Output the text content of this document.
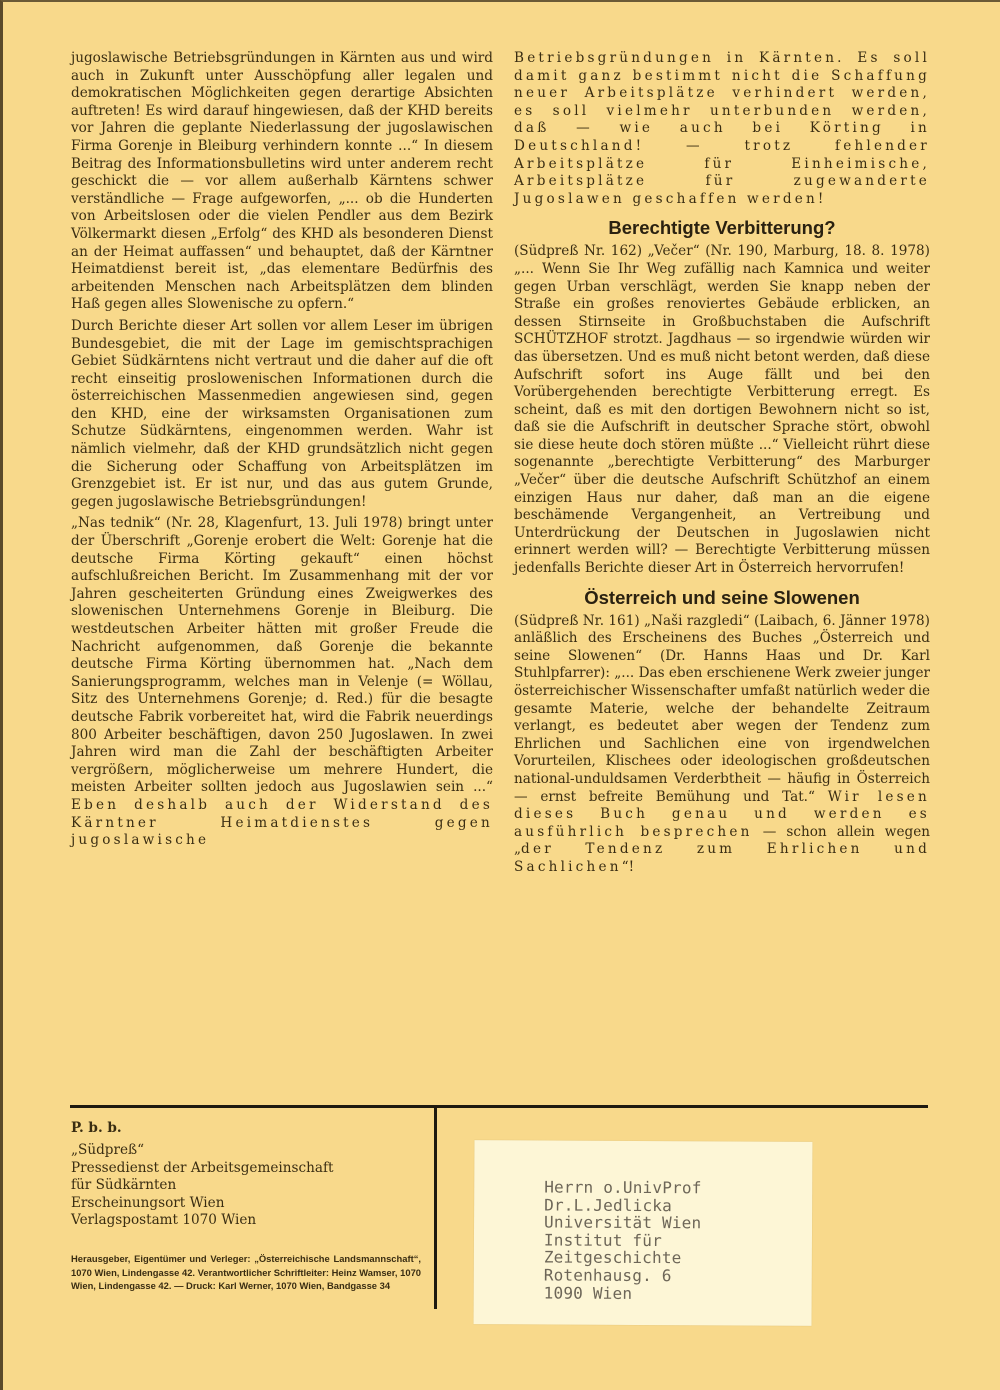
jugoslawische Betriebsgründungen in Kärnten aus und wird auch in Zukunft unter Ausschöpfung aller legalen und demokratischen Möglichkeiten gegen derartige Absichten auftreten! Es wird darauf hingewiesen, daß der KHD bereits vor Jahren die geplante Niederlassung der jugoslawischen Firma Gorenje in Bleiburg verhindern konnte ...“ In diesem Beitrag des Informationsbulletins wird unter anderem recht geschickt die — vor allem außerhalb Kärntens schwer verständliche — Frage aufgeworfen, „... ob die Hunderten von Arbeitslosen oder die vielen Pendler aus dem Bezirk Völkermarkt diesen „Erfolg“ des KHD als besonderen Dienst an der Heimat auffassen“ und behauptet, daß der Kärntner Heimatdienst bereit ist, „das elementare Bedürfnis des arbeitenden Menschen nach Arbeitsplätzen dem blinden Haß gegen alles Slowenische zu opfern.“

Durch Berichte dieser Art sollen vor allem Leser im übrigen Bundesgebiet, die mit der Lage im gemischtsprachigen Gebiet Südkärntens nicht vertraut und die daher auf die oft recht einseitig proslowenischen Informationen durch die österreichischen Massenmedien angewiesen sind, gegen den KHD, eine der wirksamsten Organisationen zum Schutze Südkärntens, eingenommen werden. Wahr ist nämlich vielmehr, daß der KHD grundsätzlich nicht gegen die Sicherung oder Schaffung von Arbeitsplätzen im Grenzgebiet ist. Er ist nur, und das aus gutem Grunde, gegen jugoslawische Betriebsgründungen!

„Nas tednik“ (Nr. 28, Klagenfurt, 13. Juli 1978) bringt unter der Überschrift „Gorenje erobert die Welt: Gorenje hat die deutsche Firma Körting gekauft“ einen höchst aufschlußreichen Bericht. Im Zusammenhang mit der vor Jahren gescheiterten Gründung eines Zweigwerkes des slowenischen Unternehmens Gorenje in Bleiburg. Die westdeutschen Arbeiter hätten mit großer Freude die Nachricht aufgenommen, daß Gorenje die bekannte deutsche Firma Körting übernommen hat. „Nach dem Sanierungsprogramm, welches man in Velenje (= Wöllau, Sitz des Unternehmens Gorenje; d. Red.) für die besagte deutsche Fabrik vorbereitet hat, wird die Fabrik neuerdings 800 Arbeiter beschäftigen, davon 250 Jugoslawen. In zwei Jahren wird man die Zahl der beschäftigten Arbeiter vergrößern, möglicherweise um mehrere Hundert, die meisten Arbeiter sollten jedoch aus Jugoslawien sein ...“ Eben deshalb auch der Widerstand des Kärntner Heimatdienstes gegen jugoslawische

Betriebsgründungen in Kärnten. Es soll damit ganz bestimmt nicht die Schaffung neuer Arbeitsplätze verhindert werden, es soll vielmehr unterbunden werden, daß — wie auch bei Körting in Deutschland! — trotz fehlender Arbeitsplätze für Einheimische, Arbeitsplätze für zugewanderte Jugoslawen geschaffen werden!

Berechtigte Verbitterung?

(Südpreß Nr. 162) „Večer“ (Nr. 190, Marburg, 18. 8. 1978) „... Wenn Sie Ihr Weg zufällig nach Kamnica und weiter gegen Urban verschlägt, werden Sie knapp neben der Straße ein großes renoviertes Gebäude erblicken, an dessen Stirnseite in Großbuchstaben die Aufschrift SCHÜTZHOF strotzt. Jagdhaus — so irgendwie würden wir das übersetzen. Und es muß nicht betont werden, daß diese Aufschrift sofort ins Auge fällt und bei den Vorübergehenden berechtigte Verbitterung erregt. Es scheint, daß es mit den dortigen Bewohnern nicht so ist, daß sie die Aufschrift in deutscher Sprache stört, obwohl sie diese heute doch stören müßte ...“ Vielleicht rührt diese sogenannte „berechtigte Verbitterung“ des Marburger „Večer“ über die deutsche Aufschrift Schützhof an einem einzigen Haus nur daher, daß man an die eigene beschämende Vergangenheit, an Vertreibung und Unterdrückung der Deutschen in Jugoslawien nicht erinnert werden will? — Berechtigte Verbitterung müssen jedenfalls Berichte dieser Art in Österreich hervorrufen!

Österreich und seine Slowenen

(Südpreß Nr. 161) „Naši razgledi“ (Laibach, 6. Jänner 1978) anläßlich des Erscheinens des Buches „Österreich und seine Slowenen“ (Dr. Hanns Haas und Dr. Karl Stuhlpfarrer): „... Das eben erschienene Werk zweier junger österreichischer Wissenschafter umfaßt natürlich weder die gesamte Materie, welche der behandelte Zeitraum verlangt, es bedeutet aber wegen der Tendenz zum Ehrlichen und Sachlichen eine von irgendwelchen Vorurteilen, Klischees oder ideologischen großdeutschen national-unduldsamen Verderbtheit — häufig in Österreich — ernst befreite Bemühung und Tat.“ Wir lesen dieses Buch genau und werden es ausführlich besprechen — schon allein wegen „der Tendenz zum Ehrlichen und Sachlichen“!

P. b. b.
„Südpreß“
Pressedienst der Arbeitsgemeinschaft
für Südkärnten
Erscheinungsort Wien
Verlagspostamt 1070 Wien
Herausgeber, Eigentümer und Verleger: „Österreichische Landsmannschaft“, 1070 Wien, Lindengasse 42. Verantwortlicher Schriftleiter: Heinz Wamser, 1070 Wien, Lindengasse 42. — Druck: Karl Werner, 1070 Wien, Bandgasse 34
Herrn o.UnivProf
Dr.L.Jedlicka
Universität Wien
Institut für
Zeitgeschichte
Rotenhausg. 6
1090 Wien
